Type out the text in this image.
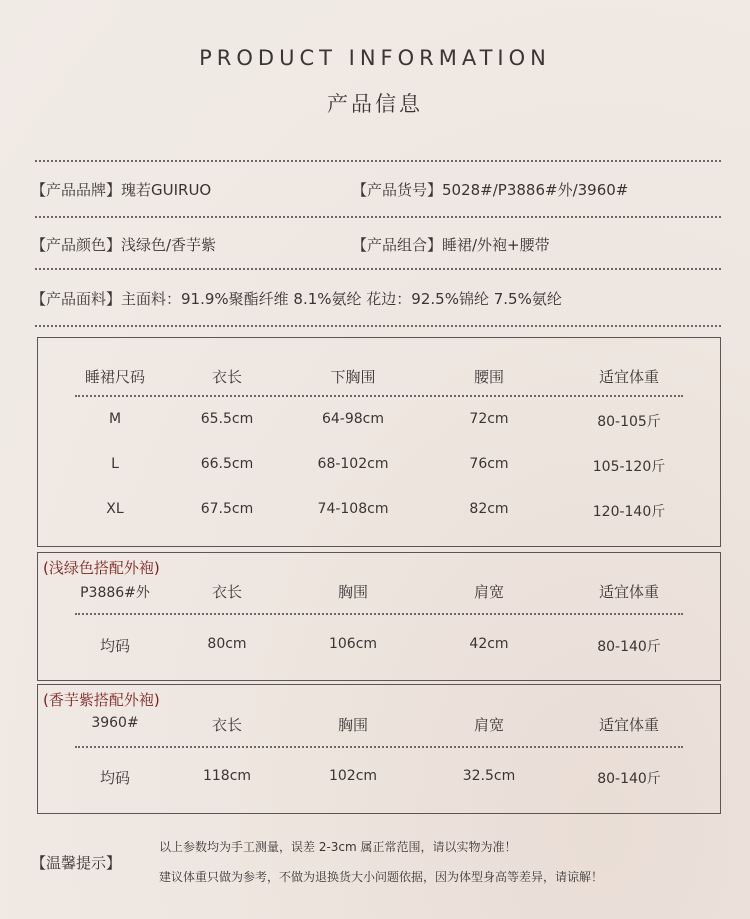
PRODUCT INFORMATION
产品信息
【产品品牌】瑰若GUIRUO	【产品货号】5028#/P3886#外/3960#
【产品颜色】浅绿色/香芋紫	【产品组合】睡裙/外袍+腰带
【产品面料】主面料：91.9%聚酯纤维 8.1%氨纶 花边：92.5%锦纶 7.5%氨纶
睡裙尺码	衣长	下胸围	腰围	适宜体重
M	65.5cm	64-98cm	72cm	80-105斤
L	66.5cm	68-102cm	76cm	105-120斤
XL	67.5cm	74-108cm	82cm	120-140斤
(浅绿色搭配外袍)
P3886#外	衣长	胸围	肩宽	适宜体重
均码	80cm	106cm	42cm	80-140斤
(香芋紫搭配外袍)
3960#	衣长	胸围	肩宽	适宜体重
均码	118cm	102cm	32.5cm	80-140斤
【温馨提示】
以上参数均为手工测量，误差 2-3cm 属正常范围，请以实物为准！
建议体重只做为参考，不做为退换货大小问题依据，因为体型身高等差异，请谅解！
